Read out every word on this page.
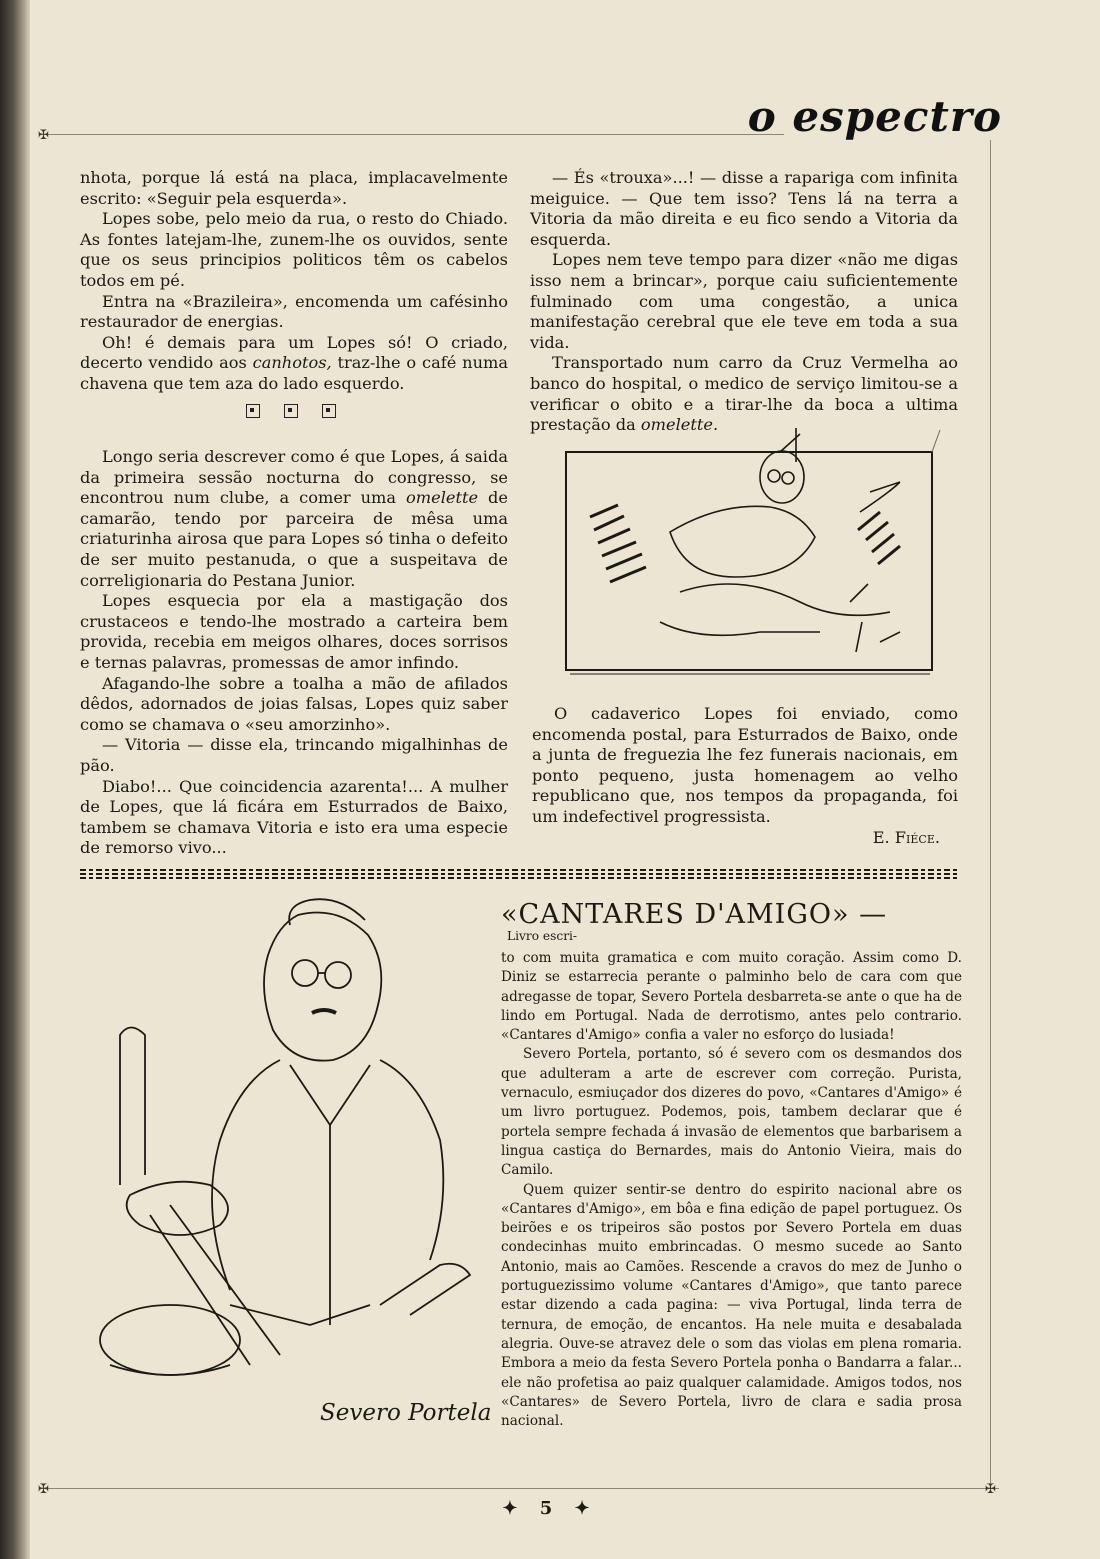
✠
✠	✠
o espectro

nhota, porque lá está na placa, implacavelmente escrito: «Seguir pela esquerda».

Lopes sobe, pelo meio da rua, o resto do Chiado. As fontes latejam-lhe, zunem-lhe os ouvidos, sente que os seus principios politicos têm os cabelos todos em pé.

Entra na «Brazileira», encomenda um cafésinho restaurador de energias.

Oh! é demais para um Lopes só! O criado, decerto vendido aos canhotos, traz-lhe o café numa chavena que tem aza do lado esquerdo.

Longo seria descrever como é que Lopes, á saida da primeira sessão nocturna do congresso, se encontrou num clube, a comer uma omelette de camarão, tendo por parceira de mêsa uma criaturinha airosa que para Lopes só tinha o defeito de ser muito pestanuda, o que a suspeitava de correligionaria do Pestana Junior.

Lopes esquecia por ela a mastigação dos crustaceos e tendo-lhe mostrado a carteira bem provida, recebia em meigos olhares, doces sorrisos e ternas palavras, promessas de amor infindo.

Afagando-lhe sobre a toalha a mão de afilados dêdos, adornados de joias falsas, Lopes quiz saber como se chamava o «seu amorzinho».

— Vitoria — disse ela, trincando migalhinhas de pão.

Diabo!... Que coincidencia azarenta!... A mulher de Lopes, que lá ficára em Esturrados de Baixo, tambem se chamava Vitoria e isto era uma especie de remorso vivo...

— És «trouxa»...! — disse a rapariga com infinita meiguice. — Que tem isso? Tens lá na terra a Vitoria da mão direita e eu fico sendo a Vitoria da esquerda.

Lopes nem teve tempo para dizer «não me digas isso nem a brincar», porque caiu suficientemente fulminado com uma congestão, a unica manifestação cerebral que ele teve em toda a sua vida.

Transportado num carro da Cruz Vermelha ao banco do hospital, o medico de serviço limitou-se a verificar o obito e a tirar-lhe da boca a ultima prestação da omelette.

O cadaverico Lopes foi enviado, como encomenda postal, para Esturrados de Baixo, onde a junta de freguezia lhe fez funerais nacionais, em ponto pequeno, justa homenagem ao velho republicano que, nos tempos da propaganda, foi um indefectivel progressista.

E. Fiéce.

Severo Portela
«CANTARES D'AMIGO» —Livro escri-

to com muita gramatica e com muito coração. Assim como D. Diniz se estarrecia perante o palminho belo de cara com que adregasse de topar, Severo Portela desbarreta-se ante o que ha de lindo em Portugal. Nada de derrotismo, antes pelo contrario. «Cantares d'Amigo» confia a valer no esforço do lusiada!

Severo Portela, portanto, só é severo com os desmandos dos que adulteram a arte de escrever com correção. Purista, vernaculo, esmiuçador dos dizeres do povo, «Cantares d'Amigo» é um livro portuguez. Podemos, pois, tambem declarar que é portela sempre fechada á invasão de elementos que barbarisem a lingua castiça do Bernardes, mais do Antonio Vieira, mais do Camilo.

Quem quizer sentir-se dentro do espirito nacional abre os «Cantares d'Amigo», em bôa e fina edição de papel portuguez. Os beirões e os tripeiros são postos por Severo Portela em duas condecinhas muito embrincadas. O mesmo sucede ao Santo Antonio, mais ao Camões. Rescende a cravos do mez de Junho o portuguezissimo volume «Cantares d'Amigo», que tanto parece estar dizendo a cada pagina: — viva Portugal, linda terra de ternura, de emoção, de encantos. Ha nele muita e desabalada alegria. Ouve-se atravez dele o som das violas em plena romaria. Embora a meio da festa Severo Portela ponha o Bandarra a falar... ele não profetisa ao paiz qualquer calamidade. Amigos todos, nos «Cantares» de Severo Portela, livro de clara e sadia prosa nacional.

✦ 5 ✦
